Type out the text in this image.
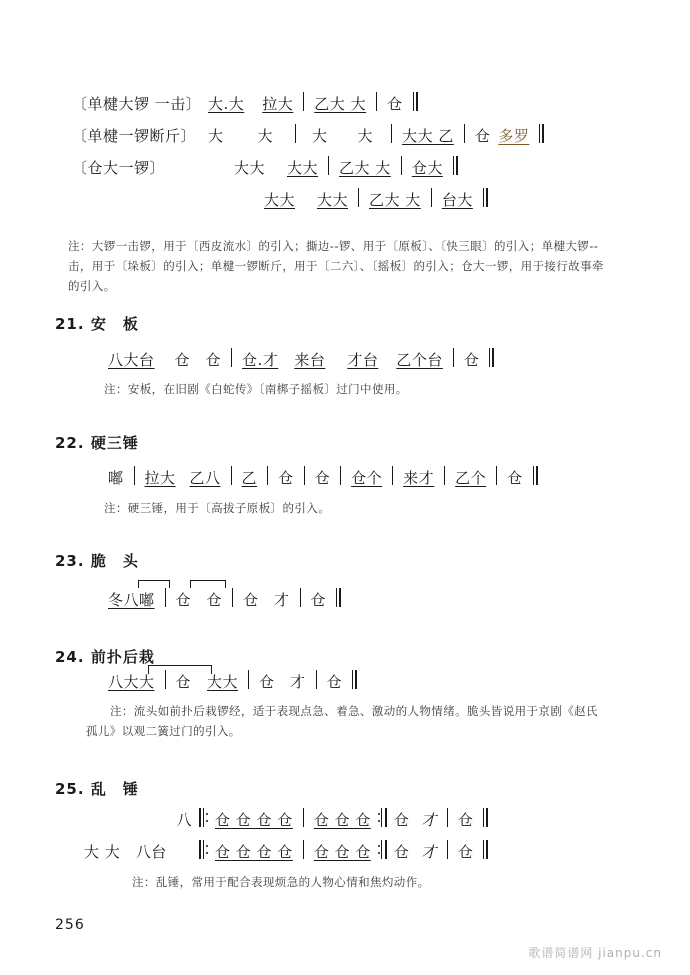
〔单楗大锣 一击〕 大.大 拉大 乙大 大 仓
〔单楗一锣断斤〕 大 大	大 大 大大 乙 仓 多罗
〔仓大一锣〕	大大 大大 乙大 大 仓大
大大 大大 乙大 大 台大
注：大锣一击锣，用于〔西皮流水〕的引入；撕边--锣、用于〔原板〕、〔快三眼〕的引入；单楗大锣--击，用于〔垛板〕的引入；单楗一锣断斤，用于〔二六〕、〔摇板〕的引入；仓大一锣，用于接行故事牵的引入。
21. 安　板
八大台 仓　仓 仓.才 来台 才台 乙个台 仓
注：安板，在旧剧《白蛇传》〔南梆子摇板〕过门中使用。
22. 硬三锤
嘟 拉大 乙八 乙 仓 仓 仓个 来才 乙个 仓
注：硬三锤，用于〔高拔子原板〕的引入。
23. 脆　头
冬八嘟 仓　仓 仓　才 仓
24. 前扑后栽
八大大 仓 大大 仓　才 仓
注：流头如前扑后栽锣经，适于表现点急、着急、激动的人物情绪。脆头皆说用于京剧《赵氏孤儿》以观二簧过门的引入。
25. 乱　锤
八 仓 仓 仓 仓 仓 仓 仓 仓 才 仓
大 大　八台	仓 仓 仓 仓 仓 仓 仓 仓 才 仓
注：乱锤，常用于配合表现烦急的人物心情和焦灼动作。
256
歌谱简谱网 jianpu.cn
